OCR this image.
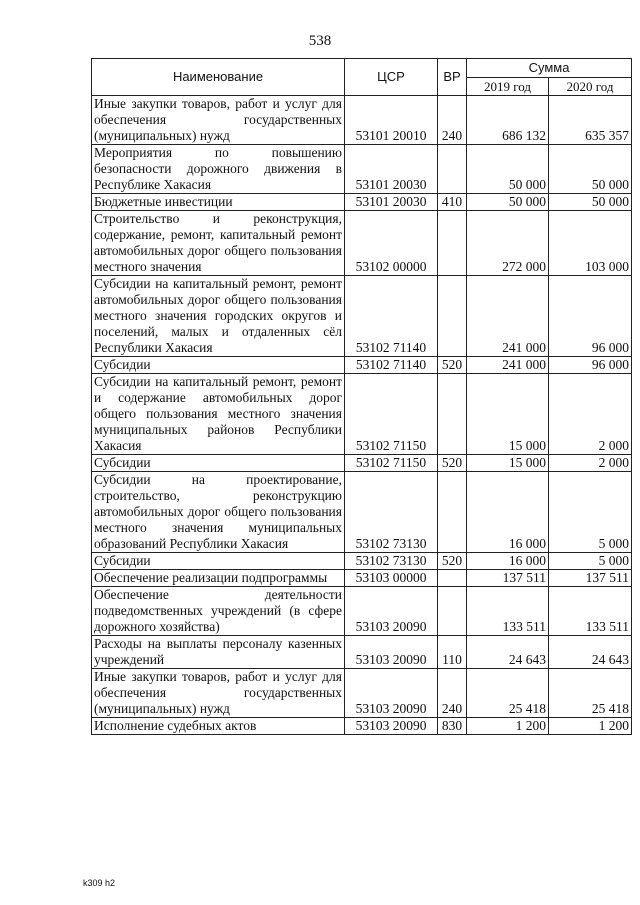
538
Наименование	ЦСР	ВР	Сумма	
			2019 год	2020 год
Иные закупки товаров, работ и услуг для обеспечения государственных (муниципальных) нужд	53101 20010	240	686 132	635 357
Мероприятия по повышению безопасности дорожного движения в Республике Хакасия	53101 20030		50 000	50 000
Бюджетные инвестиции	53101 20030	410	50 000	50 000
Строительство и реконструкция, содержание, ремонт, капитальный ремонт автомобильных дорог общего пользования местного значения	53102 00000		272 000	103 000
Субсидии на капитальный ремонт, ремонт автомобильных дорог общего пользования местного значения городских округов и поселений, малых и отдаленных сёл Республики Хакасия	53102 71140		241 000	96 000
Субсидии	53102 71140	520	241 000	96 000
Субсидии на капитальный ремонт, ремонт и содержание автомобильных дорог общего пользования местного значения муниципальных районов Республики Хакасия	53102 71150		15 000	2 000
Субсидии	53102 71150	520	15 000	2 000
Субсидии на проектирование, строительство, реконструкцию автомобильных дорог общего пользования местного значения муниципальных образований Республики Хакасия	53102 73130		16 000	5 000
Субсидии	53102 73130	520	16 000	5 000
Обеспечение реализации подпрограммы	53103 00000		137 511	137 511
Обеспечение деятельности подведомственных учреждений (в сфере дорожного хозяйства)	53103 20090		133 511	133 511
Расходы на выплаты персоналу казенных учреждений	53103 20090	110	24 643	24 643
Иные закупки товаров, работ и услуг для обеспечения государственных (муниципальных) нужд	53103 20090	240	25 418	25 418
Исполнение судебных актов	53103 20090	830	1 200	1 200
k309 h2
